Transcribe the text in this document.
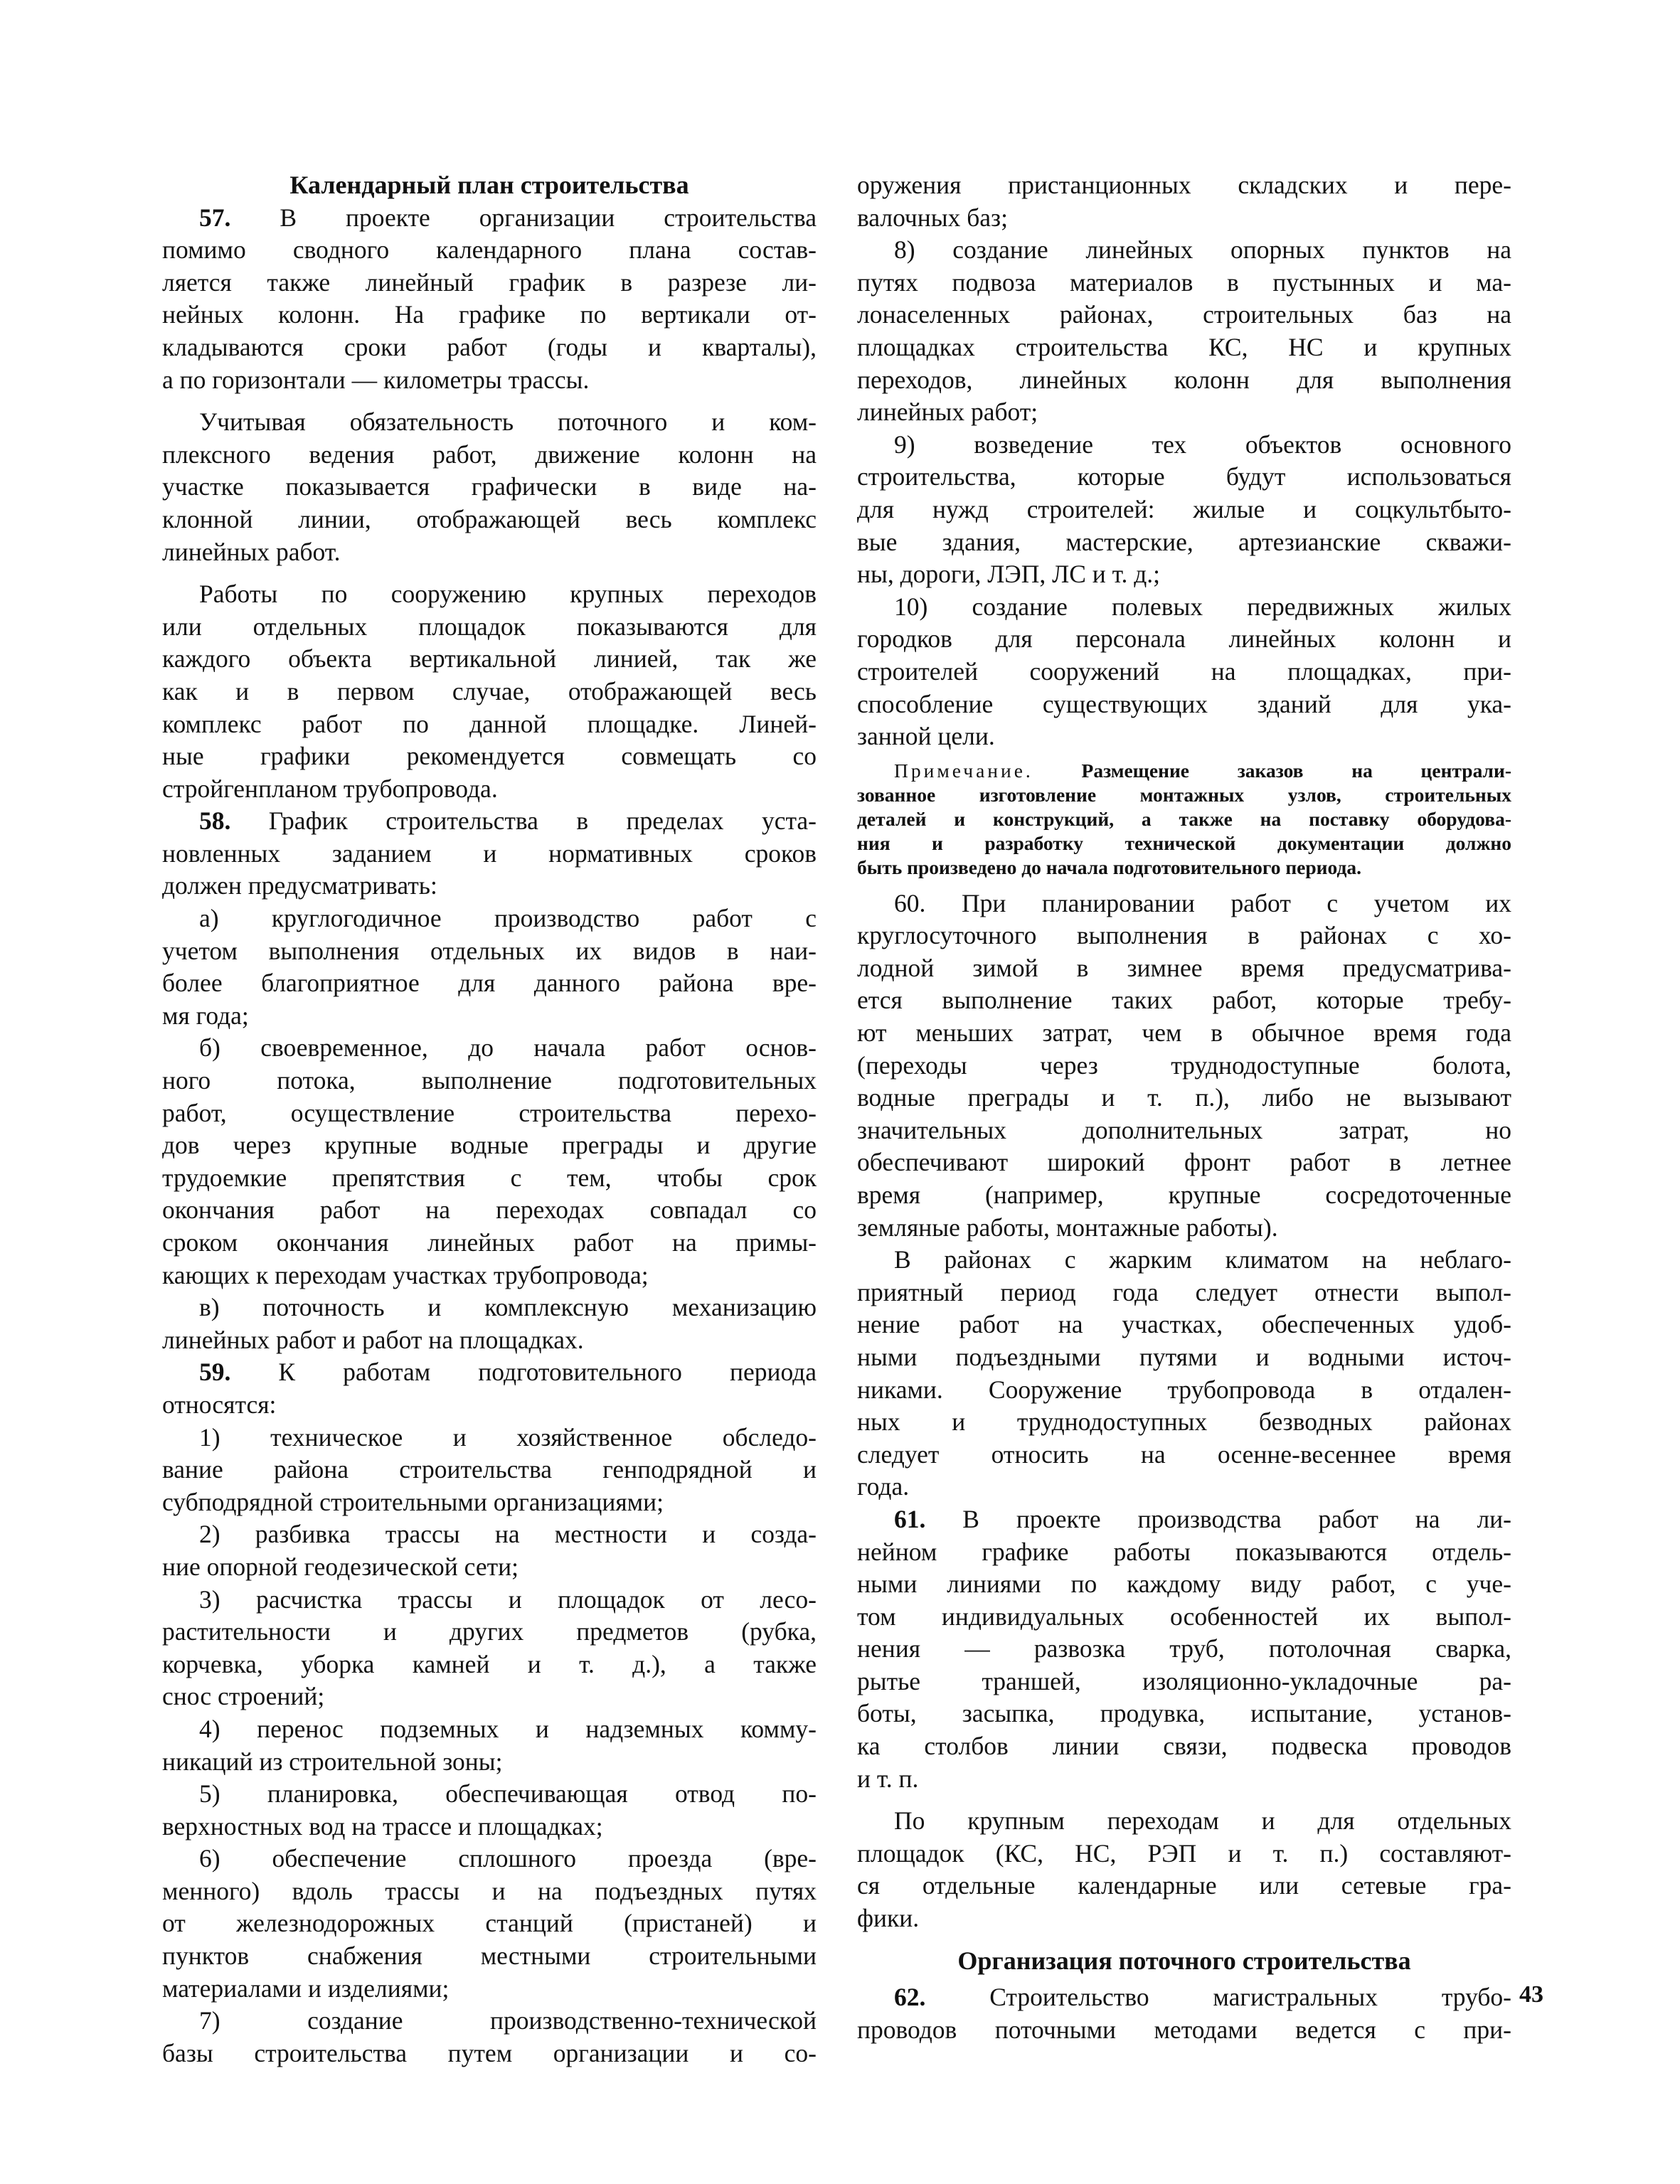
Календарный план строительства
57. В проекте организации строительства
помимо сводного календарного плана состав-
ляется также линейный график в разрезе ли-
нейных колонн. На графике по вертикали от-
кладываются сроки работ (годы и кварталы),
а по горизонтали — километры трассы.
Учитывая обязательность поточного и ком-
плексного ведения работ, движение колонн на
участке показывается графически в виде на-
клонной линии, отображающей весь комплекс
линейных работ.
Работы по сооружению крупных переходов
или отдельных площадок показываются для
каждого объекта вертикальной линией, так же
как и в первом случае, отображающей весь
комплекс работ по данной площадке. Линей-
ные графики рекомендуется совмещать со
стройгенпланом трубопровода.
58. График строительства в пределах уста-
новленных заданием и нормативных сроков
должен предусматривать:
а) круглогодичное производство работ с
учетом выполнения отдельных их видов в наи-
более благоприятное для данного района вре-
мя года;
б) своевременное, до начала работ основ-
ного потока, выполнение подготовительных
работ, осуществление строительства перехо-
дов через крупные водные преграды и другие
трудоемкие препятствия с тем, чтобы срок
окончания работ на переходах совпадал со
сроком окончания линейных работ на примы-
кающих к переходам участках трубопровода;
в) поточность и комплексную механизацию
линейных работ и работ на площадках.
59. К работам подготовительного периода
относятся:
1) техническое и хозяйственное обследо-
вание района строительства генподрядной и
субподрядной строительными организациями;
2) разбивка трассы на местности и созда-
ние опорной геодезической сети;
3) расчистка трассы и площадок от лесо-
растительности и других предметов (рубка,
корчевка, уборка камней и т. д.), а также
снос строений;
4) перенос подземных и надземных комму-
никаций из строительной зоны;
5) планировка, обеспечивающая отвод по-
верхностных вод на трассе и площадках;
6) обеспечение сплошного проезда (вре-
менного) вдоль трассы и на подъездных путях
от железнодорожных станций (пристаней) и
пунктов снабжения местными строительными
материалами и изделиями;
7) создание производственно-технической
базы строительства путем организации и со-
оружения пристанционных складских и пере-
валочных баз;
8) создание линейных опорных пунктов на
путях подвоза материалов в пустынных и ма-
лонаселенных районах, строительных баз на
площадках строительства КС, НС и крупных
переходов, линейных колонн для выполнения
линейных работ;
9) возведение тех объектов основного
строительства, которые будут использоваться
для нужд строителей: жилые и соцкультбыто-
вые здания, мастерские, артезианские скважи-
ны, дороги, ЛЭП, ЛС и т. д.;
10) создание полевых передвижных жилых
городков для персонала линейных колонн и
строителей сооружений на площадках, при-
способление существующих зданий для ука-
занной цели.
Примечание. Размещение заказов на централи-
зованное изготовление монтажных узлов, строительных
деталей и конструкций, а также на поставку оборудова-
ния и разработку технической документации должно
быть произведено до начала подготовительного периода.
60. При планировании работ с учетом их
круглосуточного выполнения в районах с хо-
лодной зимой в зимнее время предусматрива-
ется выполнение таких работ, которые требу-
ют меньших затрат, чем в обычное время года
(переходы через труднодоступные болота,
водные преграды и т. п.), либо не вызывают
значительных дополнительных затрат, но
обеспечивают широкий фронт работ в летнее
время (например, крупные сосредоточенные
земляные работы, монтажные работы).
В районах с жарким климатом на неблаго-
приятный период года следует отнести выпол-
нение работ на участках, обеспеченных удоб-
ными подъездными путями и водными источ-
никами. Сооружение трубопровода в отдален-
ных и труднодоступных безводных районах
следует относить на осенне-весеннее время
года.
61. В проекте производства работ на ли-
нейном графике работы показываются отдель-
ными линиями по каждому виду работ, с уче-
том индивидуальных особенностей их выпол-
нения — развозка труб, потолочная сварка,
рытье траншей, изоляционно-укладочные ра-
боты, засыпка, продувка, испытание, установ-
ка столбов линии связи, подвеска проводов
и т. п.
По крупным переходам и для отдельных
площадок (КС, НС, РЭП и т. п.) составляют-
ся отдельные календарные или сетевые гра-
фики.
Организация поточного строительства
62. Строительство магистральных трубо-
проводов поточными методами ведется с при-
43
